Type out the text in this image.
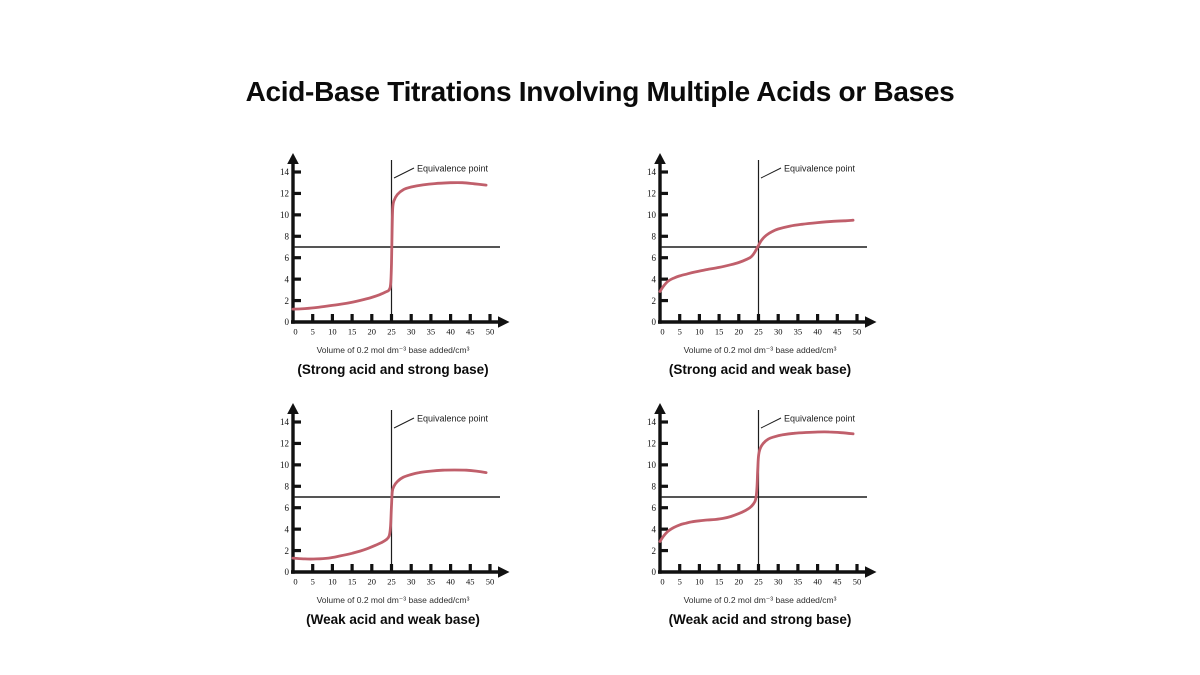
Acid-Base Titrations Involving Multiple Acids or Bases
Equivalence point
0
2
4
6
8
10
12
14
0 5 10 15 20 25 30 35 40 45 50
Volume of 0.2 mol dm⁻³ base added/cm³
(Strong acid and strong base)
Equivalence point
0
2
4
6
8
10
12
14
0 5 10 15 20 25 30 35 40 45 50
Volume of 0.2 mol dm⁻³ base added/cm³
(Strong acid and weak base)
Equivalence point
0
2
4
6
8
10
12
14
0 5 10 15 20 25 30 35 40 45 50
Volume of 0.2 mol dm⁻³ base added/cm³
(Weak acid and weak base)
Equivalence point
0
2
4
6
8
10
12
14
0 5 10 15 20 25 30 35 40 45 50
Volume of 0.2 mol dm⁻³ base added/cm³
(Weak acid and strong base)
